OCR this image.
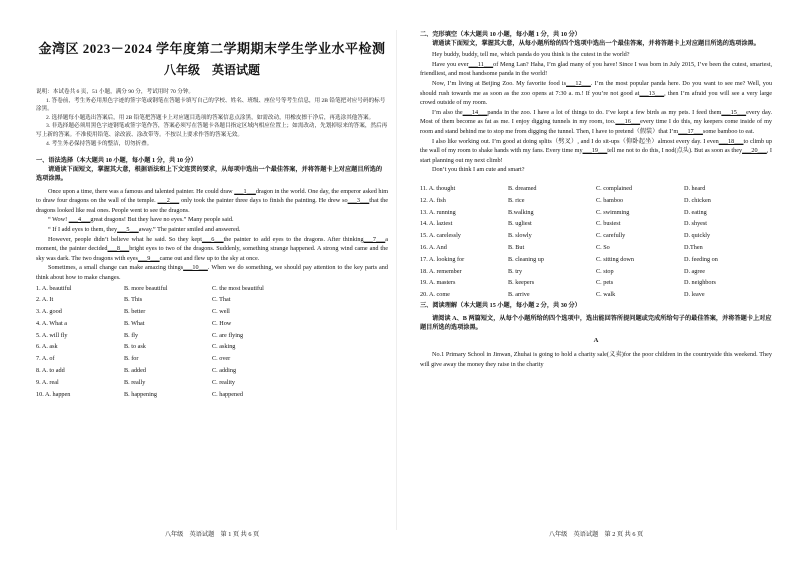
金湾区 2023－2024 学年度第二学期期末学生学业水平检测
八年级　英语试题

说明：本试卷共 6 页，51 小题，满分 90 分，考试用时 70 分钟。

1. 答卷前，考生务必用黑色字迹的签字笔或钢笔在答题卡填写自己的学校、姓名、班级、座位号等考生信息，用 2B 铅笔把对应号码的标号涂黑。

2. 选择题每小题选出答案后，用 2B 铅笔把答题卡上对应题目选项的答案信息点涂黑，如需改动，用橡皮擦干净后，再选涂其他答案。

3. 非选择题必须用黑色字迹钢笔或签字笔作答，答案必须写在答题卡各题目指定区域内相应位置上；如需改动，先划掉原来的答案，然后再写上新的答案。不准使用铅笔、涂改液、涂改带等。不按以上要求作答的答案无效。

4. 考生务必保持答题卡的整洁，切勿折叠。

一、语法选择（本大题共 10 小题，每小题 1 分，共 10 分）

请通读下面短文，掌握其大意，根据语法和上下文连贯的要求，从每项中选出一个最佳答案，并将答题卡上对应题目所选的选项涂黑。

Once upon a time, there was a famous and talented painter. He could draw ___1___dragon in the world. One day, the emperor asked him to draw four dragons on the wall of the temple. ___2___ only took the painter three days to finish the painting. He drew so___3___that the dragons looked like real ones. People went to see the dragons.

“ Wow! ___4___great dragons! But they have no eyes.” Many people said.

“ If I add eyes to them, they___5___away.” The painter smiled and answered.

However, people didn’t believe what he said. So they kept___6___the painter to add eyes to the dragons. After thinking___7___a moment, the painter decided___8___bright eyes to two of the dragons. Suddenly, something strange happened. A strong wind came and the sky was dark. The two dragons with eyes___9___came out and flew up to the sky at once.

Sometimes, a small change can make amazing things___10___. When we do something, we should pay attention to the key parts and think about how to make changes.

1. A. beautiful	B. more beautiful	C. the most beautiful
2. A. It	B. This	C. That
3. A. good	B. better	C. well
4. A. What a	B. What	C. How
5. A. will fly	B. fly	C. are flying
6. A. ask	B. to ask	C. asking
7. A. of	B. for	C. over
8. A. to add	B. added	C. adding
9. A. real	B. really	C. reality
10. A. happen	B. happening	C. happened
八年级　英语试题　第 1 页 共 6 页

二、完形填空（本大题共 10 小题，每小题 1 分，共 10 分）

请通读下面短文，掌握其大意，从每小题所给的四个选项中选出一个最佳答案，并将答题卡上对应题目所选的选项涂黑。

Hey buddy, buddy, tell me, which panda do you think is the cutest in the world?

Have you ever___11___of Meng Lan? Haha, I’m glad many of you have! Since I was born in July 2015, I’ve been the cutest, smartest, friendliest, and most handsome panda in the world!

Now, I’m living at Beijing Zoo. My favorite food is___12___. I’m the most popular panda here. Do you want to see me? Well, you should rush towards me as soon as the zoo opens at 7:30 a. m.! If you’re not good at___13___, then I’m afraid you will see a very large crowd outside of my room.

I’m also the___14___panda in the zoo. I have a lot of things to do. I’ve kept a few birds as my pets. I feed them___15___every day. Most of them become as fat as me. I enjoy digging tunnels in my room, too.___16___every time I do this, my keepers come inside of my room and stand behind me to stop me from digging the tunnel. Then, I have to pretend（假装）that I’m___17___some bamboo to eat.

I also like working out. I’m good at doing splits（劈叉）, and I do sit-ups（仰卧起坐）almost every day. I even___18___to climb up the wall of my room to shake hands with my fans. Every time my___19___tell me not to do this, I nod(点头). But as soon as they___20___, I start planning out my next climb!

Don’t you think I am cute and smart?

11. A. thought	B. dreamed	C. complained	D. heard
12. A. fish	B. rice	C. bamboo	D. chicken
13. A. running	B.walking	C. swimming	D. eating
14. A. laziest	B. ugliest	C. busiest	D. shyest
15. A. carelessly	B. slowly	C. carefully	D. quickly
16. A. And	B. But	C. So	D.Then
17. A. looking for	B. cleaning up	C. sitting down	D. feeding on
18. A. remember	B. try	C. stop	D. agree
19. A. masters	B. keepers	C. pets	D. neighbors
20. A. come	B. arrive	C. walk	D. leave

三、阅读理解（本大题共 15 小题，每小题 2 分，共 30 分）

请阅读 A、B 两篇短文，从每个小题所给的四个选项中，选出能回答所提问题或完成所给句子的最佳答案，并将答题卡上对应题目所选的选项涂黑。

A

No.1 Primary School in Jinwan, Zhuhai is going to hold a charity sale(义卖)for the poor children in the countryside this weekend. They will give away the money they raise in the charity

八年级　英语试题　第 2 页 共 6 页
